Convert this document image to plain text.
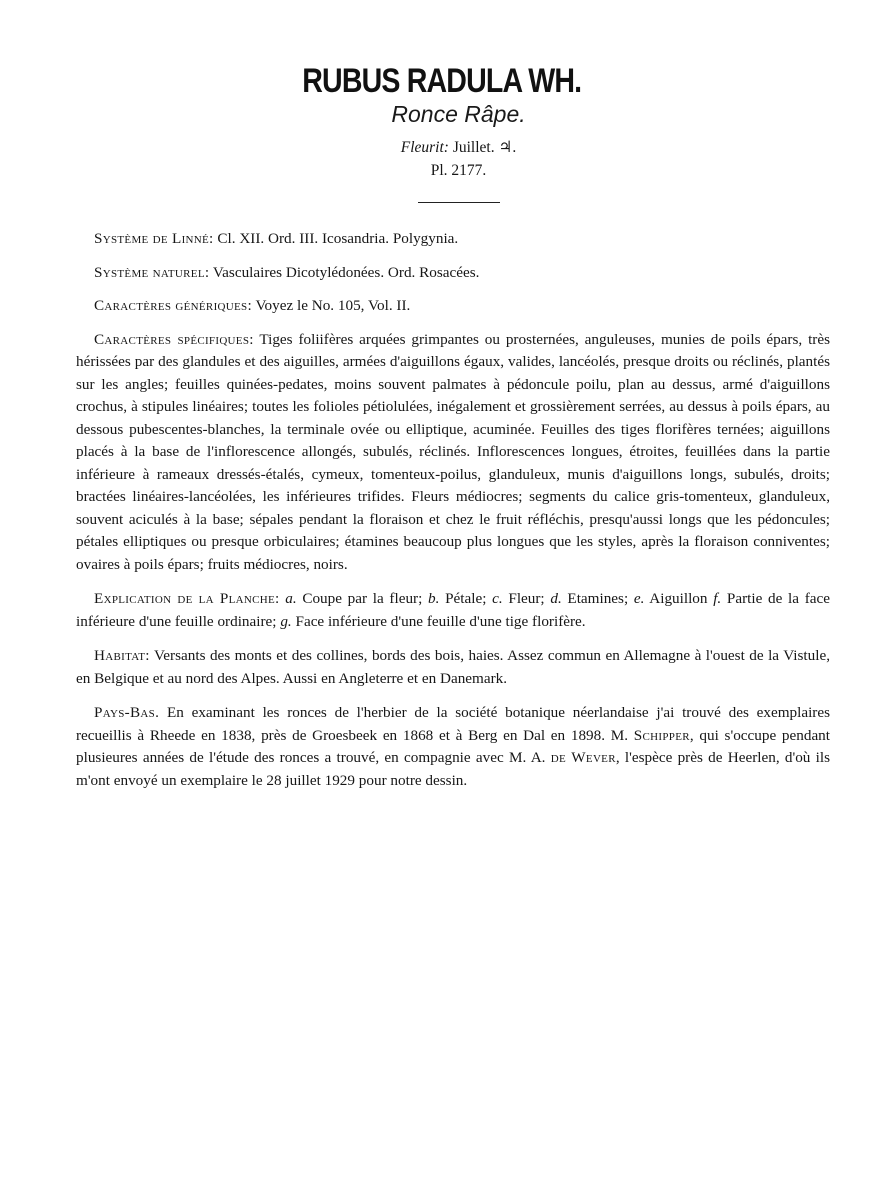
RUBUS RADULA WH.
Ronce Râpe.
Fleurit: Juillet. ♃.
Pl. 2177.

Système de Linné: Cl. XII. Ord. III. Icosandria. Polygynia.

Système naturel: Vasculaires Dicotylédonées. Ord. Rosacées.

Caractères génériques: Voyez le No. 105, Vol. II.

Caractères spécifiques: Tiges foliifères arquées grimpantes ou prosternées, anguleuses, munies de poils épars, très hérissées par des glandules et des aiguilles, armées d'aiguillons égaux, valides, lancéolés, presque droits ou réclinés, plantés sur les angles; feuilles quinées-pedates, moins souvent palmates à pédoncule poilu, plan au dessus, armé d'aiguillons crochus, à stipules linéaires; toutes les folioles pétiolulées, inégalement et grossièrement serrées, au dessus à poils épars, au dessous pubescentes-blanches, la terminale ovée ou elliptique, acuminée. Feuilles des tiges florifères ternées; aiguillons placés à la base de l'inflorescence allongés, subulés, réclinés. Inflorescences longues, étroites, feuillées dans la partie inférieure à rameaux dressés-étalés, cymeux, tomenteux-poilus, glanduleux, munis d'aiguillons longs, subulés, droits; bractées linéaires-lancéolées, les inférieures trifides. Fleurs médiocres; segments du calice gris-tomenteux, glanduleux, souvent aciculés à la base; sépales pendant la floraison et chez le fruit réfléchis, presqu'aussi longs que les pédoncules; pétales elliptiques ou presque orbiculaires; étamines beaucoup plus longues que les styles, après la floraison conniventes; ovaires à poils épars; fruits médiocres, noirs.

Explication de la Planche: a. Coupe par la fleur; b. Pétale; c. Fleur; d. Etamines; e. Aiguillon f. Partie de la face inférieure d'une feuille ordinaire; g. Face inférieure d'une feuille d'une tige florifère.

Habitat: Versants des monts et des collines, bords des bois, haies. Assez commun en Allemagne à l'ouest de la Vistule, en Belgique et au nord des Alpes. Aussi en Angleterre et en Danemark.

Pays-Bas. En examinant les ronces de l'herbier de la société botanique néerlandaise j'ai trouvé des exemplaires recueillis à Rheede en 1838, près de Groesbeek en 1868 et à Berg en Dal en 1898. M. Schipper, qui s'occupe pendant plusieures années de l'étude des ronces a trouvé, en compagnie avec M. A. de Wever, l'espèce près de Heerlen, d'où ils m'ont envoyé un exemplaire le 28 juillet 1929 pour notre dessin.
